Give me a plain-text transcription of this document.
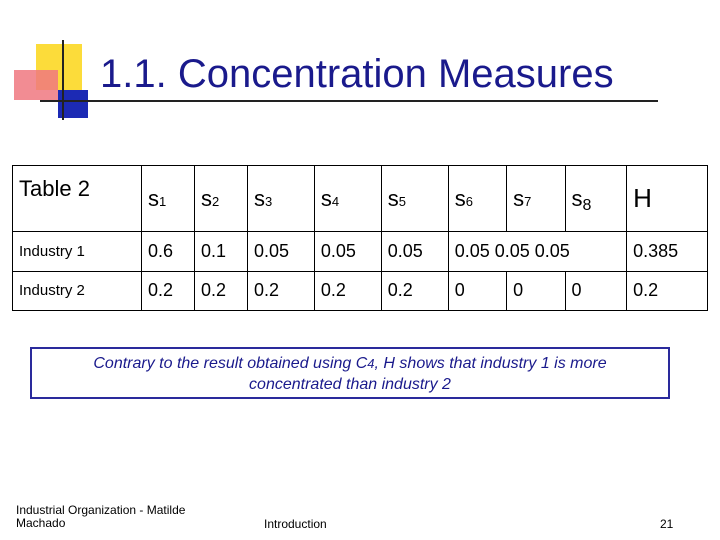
1.1. Concentration Measures
Table 2	s1	s2	s3	s4	s5	s6	s7	$s_8$	H
Industry 1	0.6	0.1	0.05	0.05	0.05	0.05 0.05 0.05			0.385
Industry 2	0.2	0.2	0.2	0.2	0.2	0	0	0	0.2
Contrary to the result obtained using C4, H shows that industry 1 is more
concentrated than industry 2
Industrial Organization - Matilde Machado	Introduction	21
